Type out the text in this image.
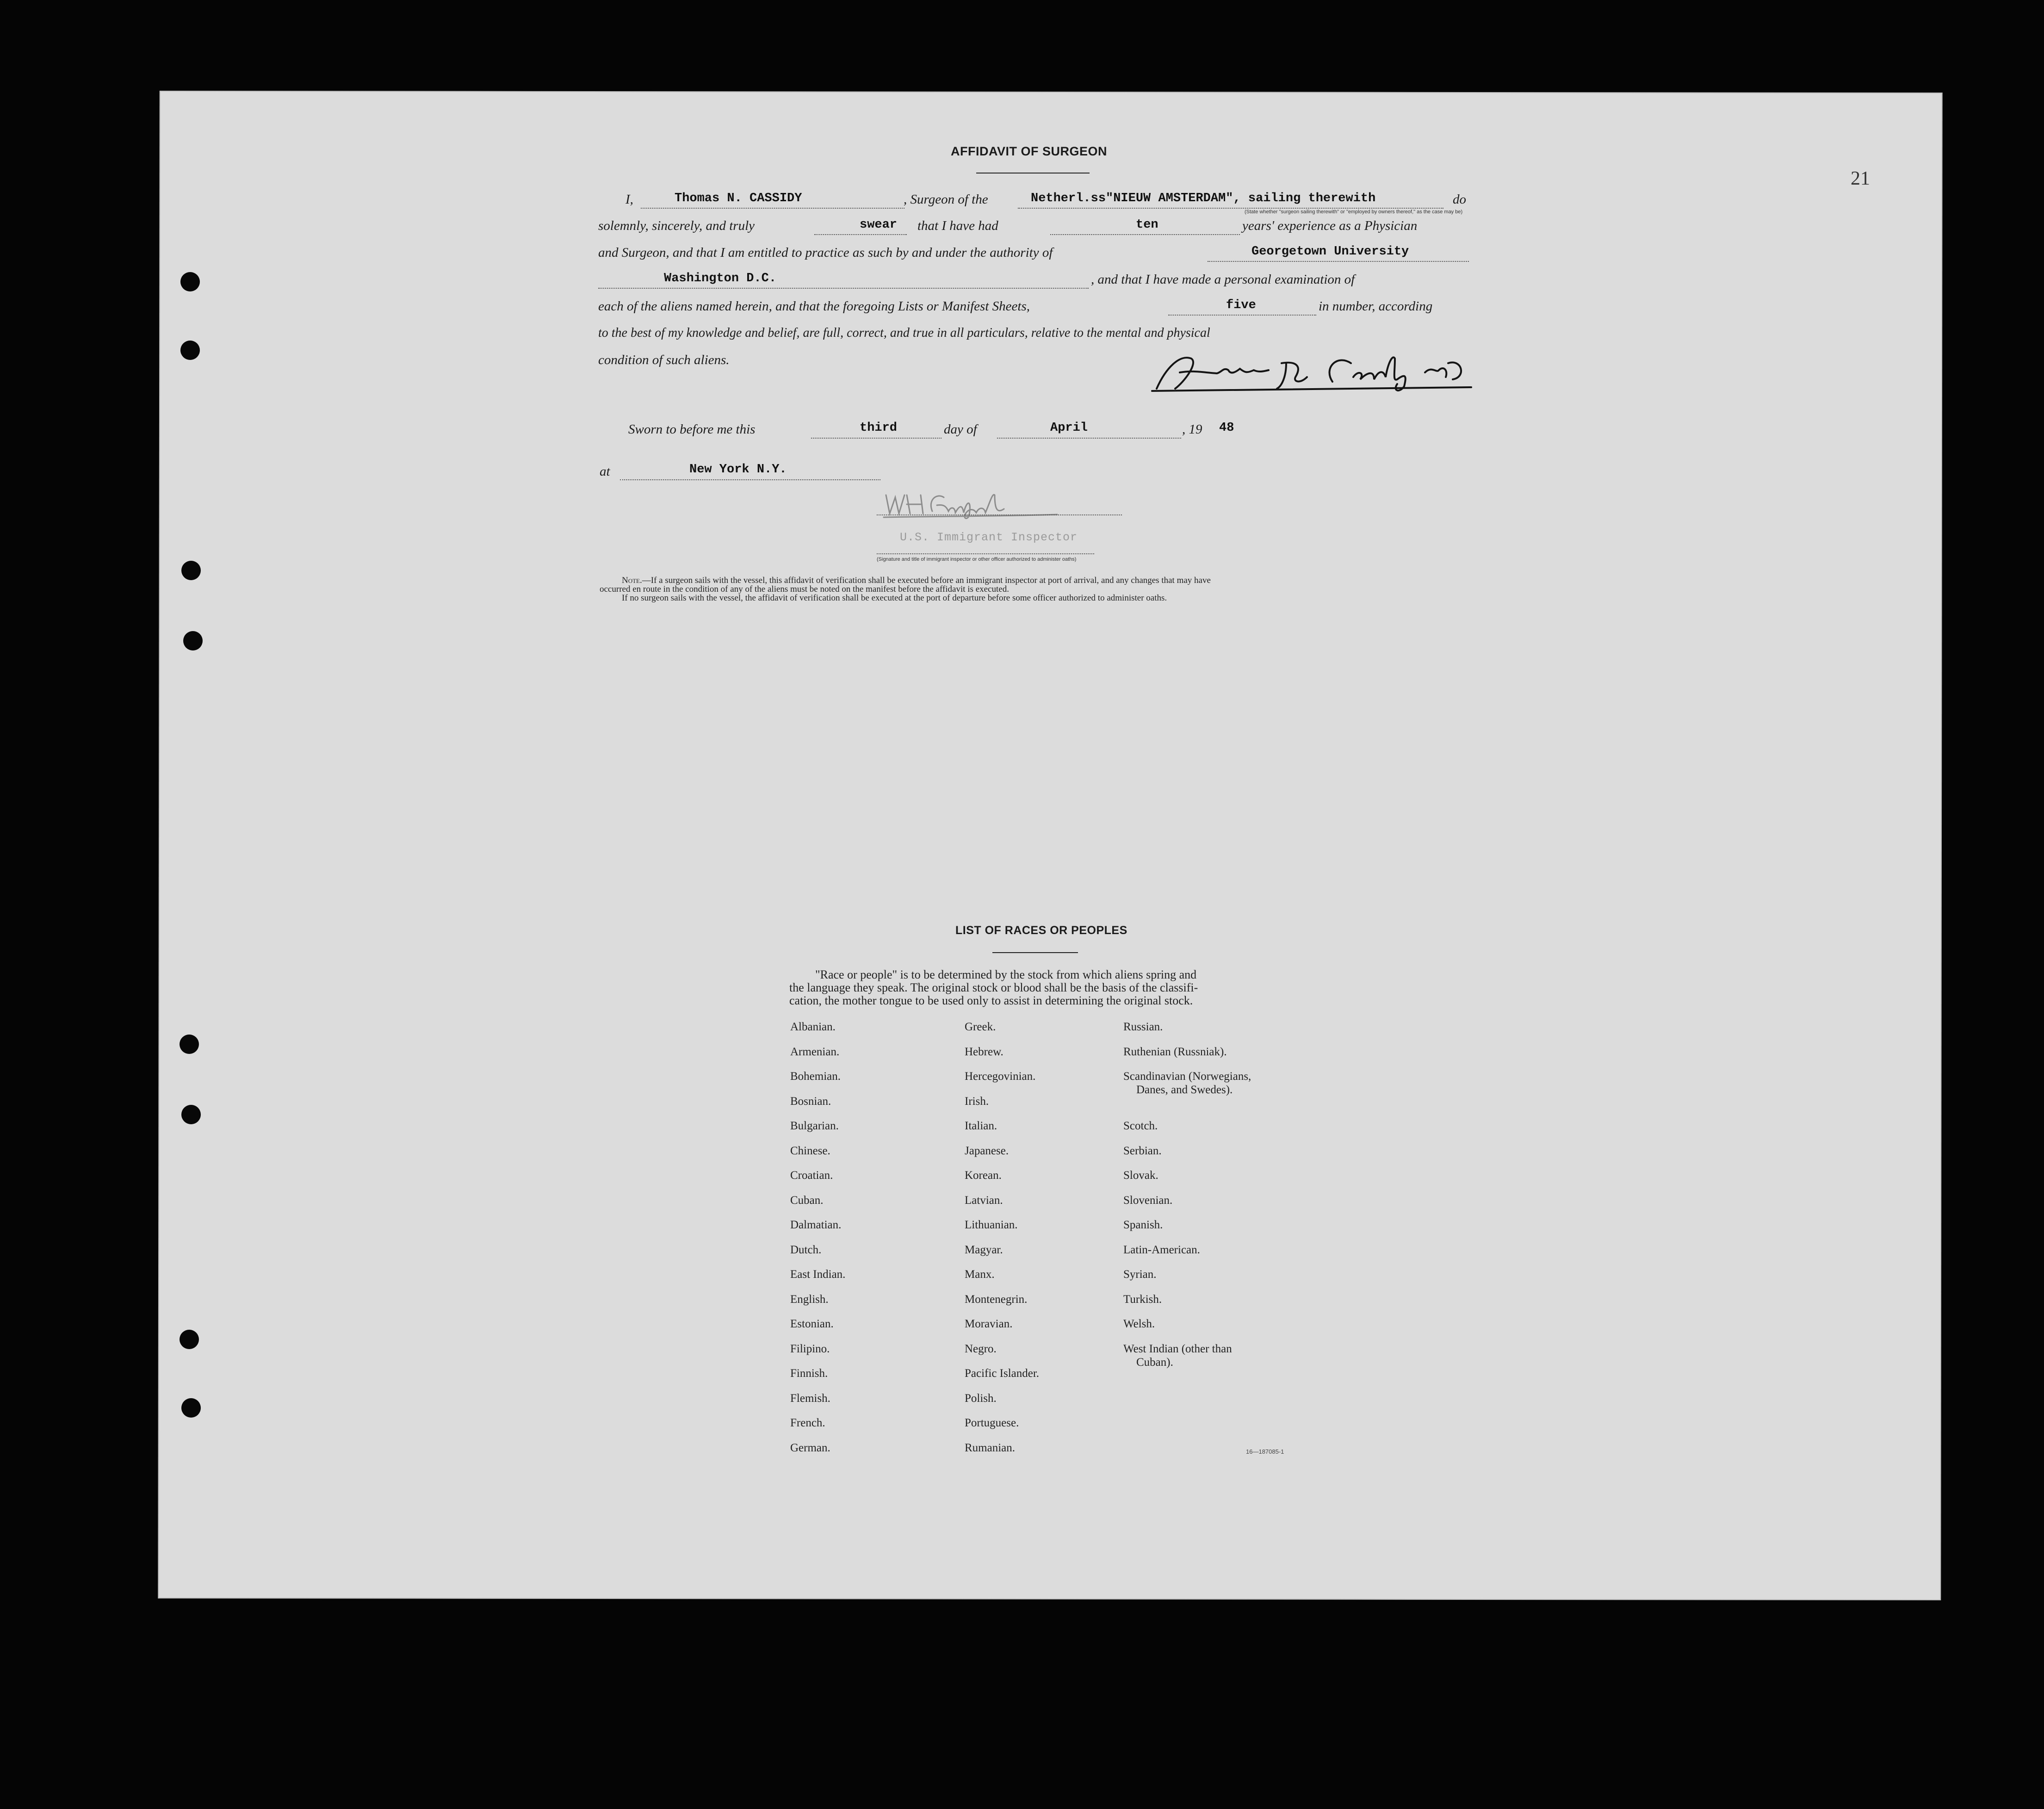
21
AFFIDAVIT OF SURGEON
I,	Thomas N. CASSIDY	, Surgeon of the	Netherl.ss"NIEUW AMSTERDAM", sailing therewith	do
(State whether "surgeon sailing therewith" or "employed by owners thereof," as the case may be)
solemnly, sincerely, and truly	swear that I have had	ten	years' experience as a Physician
and Surgeon, and that I am entitled to practice as such by and under the authority of	Georgetown University
Washington D.C.	, and that I have made a personal examination of
each of the aliens named herein, and that the foregoing Lists or Manifest Sheets,	five	in number, according
to the best of my knowledge and belief, are full, correct, and true in all particulars, relative to the mental and physical
condition of such aliens.
Sworn to before me this	third	day of	April	, 19 48
at	New York N.Y.
U.S. Immigrant Inspector
(Signature and title of immigrant inspector or other officer authorized to administer oaths)
Note.—If a surgeon sails with the vessel, this affidavit of verification shall be executed before an immigrant inspector at port of arrival, and any changes that may have
occurred en route in the condition of any of the aliens must be noted on the manifest before the affidavit is executed.
If no surgeon sails with the vessel, the affidavit of verification shall be executed at the port of departure before some officer authorized to administer oaths.
LIST OF RACES OR PEOPLES
"Race or people" is to be determined by the stock from which aliens spring and
the language they speak. The original stock or blood shall be the basis of the classifi-
cation, the mother tongue to be used only to assist in determining the original stock.
16—187085-1
Albanian.
Armenian.
Bohemian.
Bosnian.
Bulgarian.
Chinese.
Croatian.
Cuban.
Dalmatian.
Dutch.
East Indian.
English.
Estonian.
Filipino.
Finnish.
Flemish.
French.
German.
Greek.
Hebrew.
Hercegovinian.
Irish.
Italian.
Japanese.
Korean.
Latvian.
Lithuanian.
Magyar.
Manx.
Montenegrin.
Moravian.
Negro.
Pacific Islander.
Polish.
Portuguese.
Rumanian.
Russian.
Ruthenian (Russniak).
Scandinavian (Norwegians,
Danes, and Swedes).
Scotch.
Serbian.
Slovak.
Slovenian.
Spanish.
Latin-American.
Syrian.
Turkish.
Welsh.
West Indian (other than
Cuban).
